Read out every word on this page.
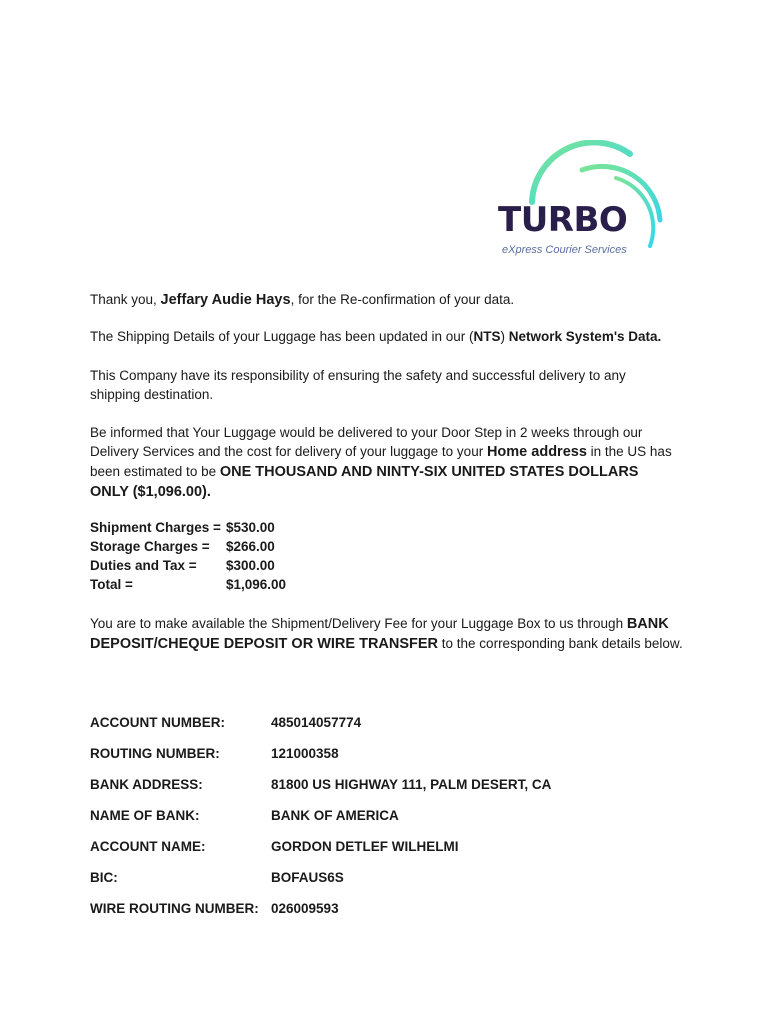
TURBO
eXpress Courier Services
Thank you, Jeffary Audie Hays, for the Re-confirmation of your data.
The Shipping Details of your Luggage has been updated in our (NTS) Network System's Data.
This Company have its responsibility of ensuring the safety and successful delivery to any shipping destination.
Be informed that Your Luggage would be delivered to your Door Step in 2 weeks through our Delivery Services and the cost for delivery of your luggage to your Home address in the US has been estimated to be ONE THOUSAND AND NINTY-SIX UNITED STATES DOLLARS ONLY ($1,096.00).
Shipment Charges = $530.00
Storage Charges =	$266.00
Duties and Tax =	$300.00
Total =	$1,096.00
You are to make available the Shipment/Delivery Fee for your Luggage Box to us through BANK DEPOSIT/CHEQUE DEPOSIT OR WIRE TRANSFER to the corresponding bank details below.
ACCOUNT NUMBER:	485014057774
ROUTING NUMBER:	121000358
BANK ADDRESS:	81800 US HIGHWAY 111, PALM DESERT, CA
NAME OF BANK:	BANK OF AMERICA
ACCOUNT NAME:	GORDON DETLEF WILHELMI
BIC:	BOFAUS6S
WIRE ROUTING NUMBER: 026009593
